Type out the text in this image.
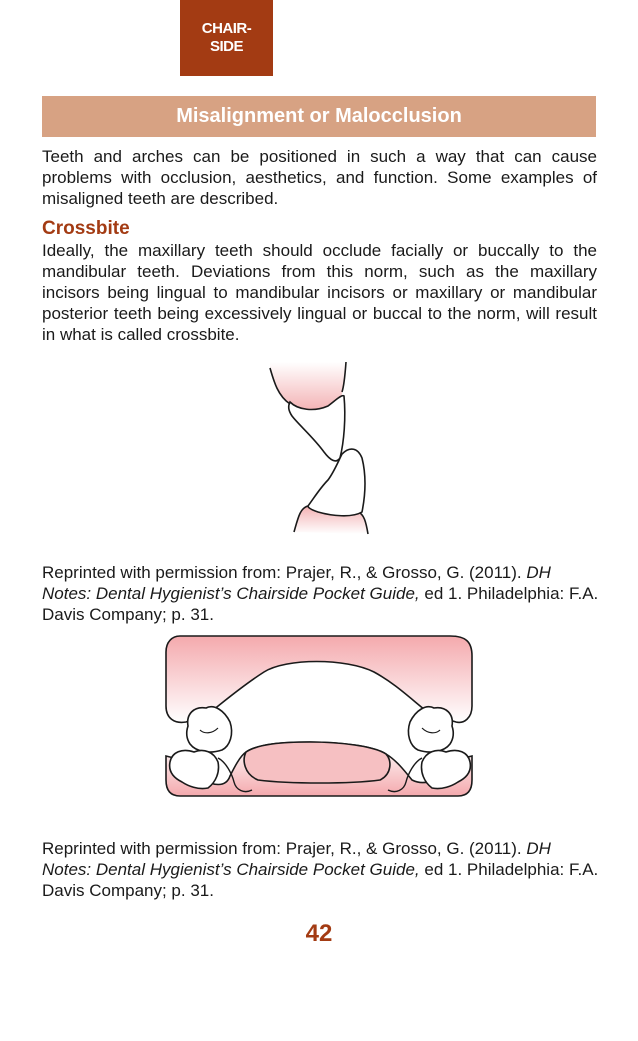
CHAIR-
SIDE
Misalignment or Malocclusion

Teeth and arches can be positioned in such a way that can cause problems with occlusion, aesthetics, and function. Some examples of misaligned teeth are described.

Crossbite

Ideally, the maxillary teeth should occlude facially or buccally to the mandibular teeth. Deviations from this norm, such as the maxillary incisors being lingual to mandibular incisors or maxillary or mandibular posterior teeth being excessively lingual or buccal to the norm, will result in what is called crossbite.

Reprinted with permission from: Prajer, R., & Grosso, G. (2011). DH Notes: Dental Hygienist’s Chairside Pocket Guide, ed 1. Philadelphia: F.A. Davis Company; p. 31.

Reprinted with permission from: Prajer, R., & Grosso, G. (2011). DH Notes: Dental Hygienist’s Chairside Pocket Guide, ed 1. Philadelphia: F.A. Davis Company; p. 31.

42
